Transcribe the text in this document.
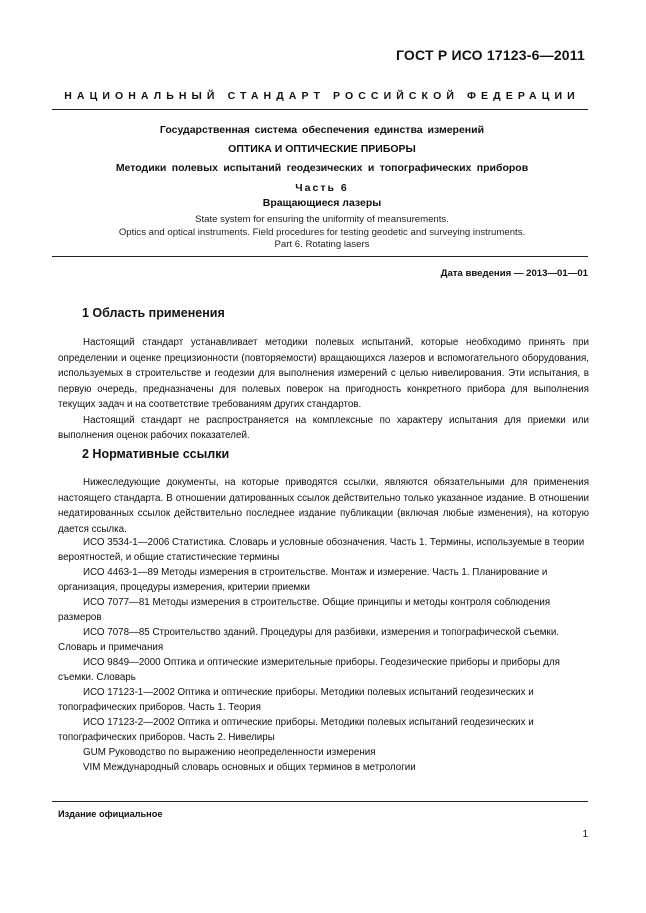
ГОСТ Р ИСО 17123-6—2011
НАЦИОНАЛЬНЫЙ СТАНДАРТ РОССИЙСКОЙ ФЕДЕРАЦИИ
Государственная система обеспечения единства измерений
ОПТИКА И ОПТИЧЕСКИЕ ПРИБОРЫ
Методики полевых испытаний геодезических и топографических приборов
Часть 6
Вращающиеся лазеры
State system for ensuring the uniformity of meansurements.
Optics and optical instruments. Field procedures for testing geodetic and surveying instruments.
Part 6. Rotating lasers
Дата введения — 2013—01—01
1 Область применения

Настоящий стандарт устанавливает методики полевых испытаний, которые необходимо принять при определении и оценке прецизионности (повторяемости) вращающихся лазеров и вспомогательного оборудования, используемых в строительстве и геодезии для выполнения измерений с целью нивелирования. Эти испытания, в первую очередь, предназначены для полевых поверок на пригодность конкретного прибора для выполнения текущих задач и на соответствие требованиям других стандартов.

Настоящий стандарт не распространяется на комплексные по характеру испытания для приемки или выполнения оценок рабочих показателей.

2 Нормативные ссылки

Нижеследующие документы, на которые приводятся ссылки, являются обязательными для применения настоящего стандарта. В отношении датированных ссылок действительно только указанное издание. В отношении недатированных ссылок действительно последнее издание публикации (включая любые изменения), на которую дается ссылка.

ИСО 3534-1—2006 Статистика. Словарь и условные обозначения. Часть 1. Термины, используемые в теории вероятностей, и общие статистические термины

ИСО 4463-1—89 Методы измерения в строительстве. Монтаж и измерение. Часть 1. Планирование и организация, процедуры измерения, критерии приемки

ИСО 7077—81 Методы измерения в строительстве. Общие принципы и методы контроля соблюдения размеров

ИСО 7078—85 Строительство зданий. Процедуры для разбивки, измерения и топографической съемки. Словарь и примечания

ИСО 9849—2000 Оптика и оптические измерительные приборы. Геодезические приборы и приборы для съемки. Словарь

ИСО 17123-1—2002 Оптика и оптические приборы. Методики полевых испытаний геодезических и топографических приборов. Часть 1. Теория

ИСО 17123-2—2002 Оптика и оптические приборы. Методики полевых испытаний геодезических и топографических приборов. Часть 2. Нивелиры

GUM Руководство по выражению неопределенности измерения

VIM Международный словарь основных и общих терминов в метрологии

Издание официальное
1
